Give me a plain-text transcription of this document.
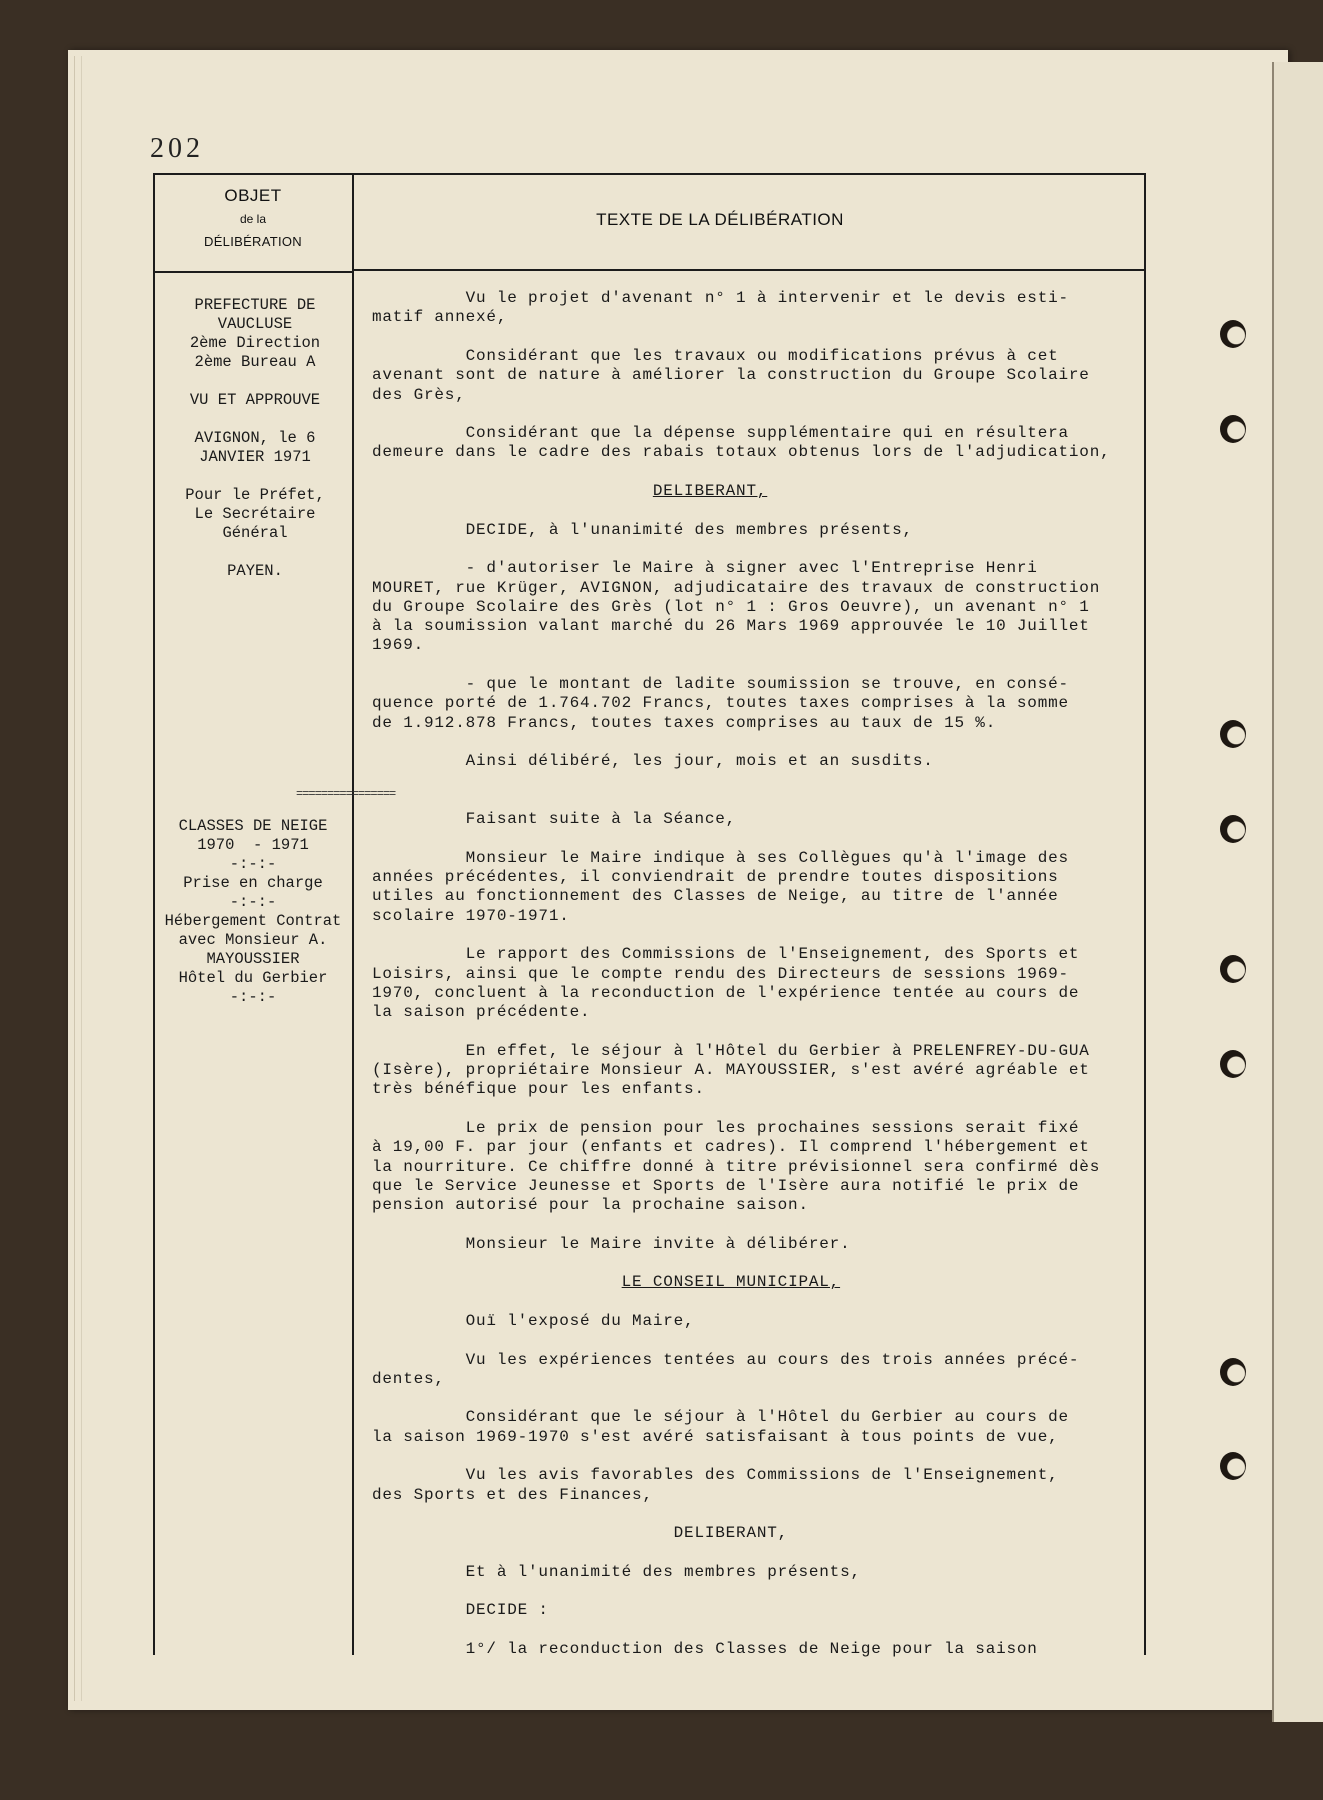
202
OBJET
de la
DÉLIBÉRATION
TEXTE DE LA DÉLIBÉRATION
PREFECTURE DE
VAUCLUSE
2ème Direction
2ème Bureau A

VU ET APPROUVE

AVIGNON, le 6
JANVIER 1971

Pour le Préfet,
Le Secrétaire
Général

PAYEN.
================
CLASSES DE NEIGE
1970  - 1971
-:-:-
Prise en charge
-:-:-
Hébergement Contrat
avec Monsieur A.
MAYOUSSIER
Hôtel du Gerbier
-:-:-
Vu le projet d'avenant n° 1 à intervenir et le devis esti-
matif annexé,
Considérant que les travaux ou modifications prévus à cet
avenant sont de nature à améliorer la construction du Groupe Scolaire
des Grès,
Considérant que la dépense supplémentaire qui en résultera
demeure dans le cadre des rabais totaux obtenus lors de l'adjudication,
DELIBERANT,
DECIDE, à l'unanimité des membres présents,
- d'autoriser le Maire à signer avec l'Entreprise Henri
MOURET, rue Krüger, AVIGNON, adjudicataire des travaux de construction
du Groupe Scolaire des Grès (lot n° 1 : Gros Oeuvre), un avenant n° 1
à la soumission valant marché du 26 Mars 1969 approuvée le 10 Juillet
1969.
- que le montant de ladite soumission se trouve, en consé-
quence porté de 1.764.702 Francs, toutes taxes comprises à la somme
de 1.912.878 Francs, toutes taxes comprises au taux de 15 %.
Ainsi délibéré, les jour, mois et an susdits.
Faisant suite à la Séance,
Monsieur le Maire indique à ses Collègues qu'à l'image des
années précédentes, il conviendrait de prendre toutes dispositions
utiles au fonctionnement des Classes de Neige, au titre de l'année
scolaire 1970-1971.
Le rapport des Commissions de l'Enseignement, des Sports et
Loisirs, ainsi que le compte rendu des Directeurs de sessions 1969-
1970, concluent à la reconduction de l'expérience tentée au cours de
la saison précédente.
En effet, le séjour à l'Hôtel du Gerbier à PRELENFREY-DU-GUA
(Isère), propriétaire Monsieur A. MAYOUSSIER, s'est avéré agréable et
très bénéfique pour les enfants.
Le prix de pension pour les prochaines sessions serait fixé
à 19,00 F. par jour (enfants et cadres). Il comprend l'hébergement et
la nourriture. Ce chiffre donné à titre prévisionnel sera confirmé dès
que le Service Jeunesse et Sports de l'Isère aura notifié le prix de
pension autorisé pour la prochaine saison.
Monsieur le Maire invite à délibérer.
LE CONSEIL MUNICIPAL,
Ouï l'exposé du Maire,
Vu les expériences tentées au cours des trois années précé-
dentes,
Considérant que le séjour à l'Hôtel du Gerbier au cours de
la saison 1969-1970 s'est avéré satisfaisant à tous points de vue,
Vu les avis favorables des Commissions de l'Enseignement,
des Sports et des Finances,
DELIBERANT,
Et à l'unanimité des membres présents,
DECIDE :
1°/ la reconduction des Classes de Neige pour la saison
